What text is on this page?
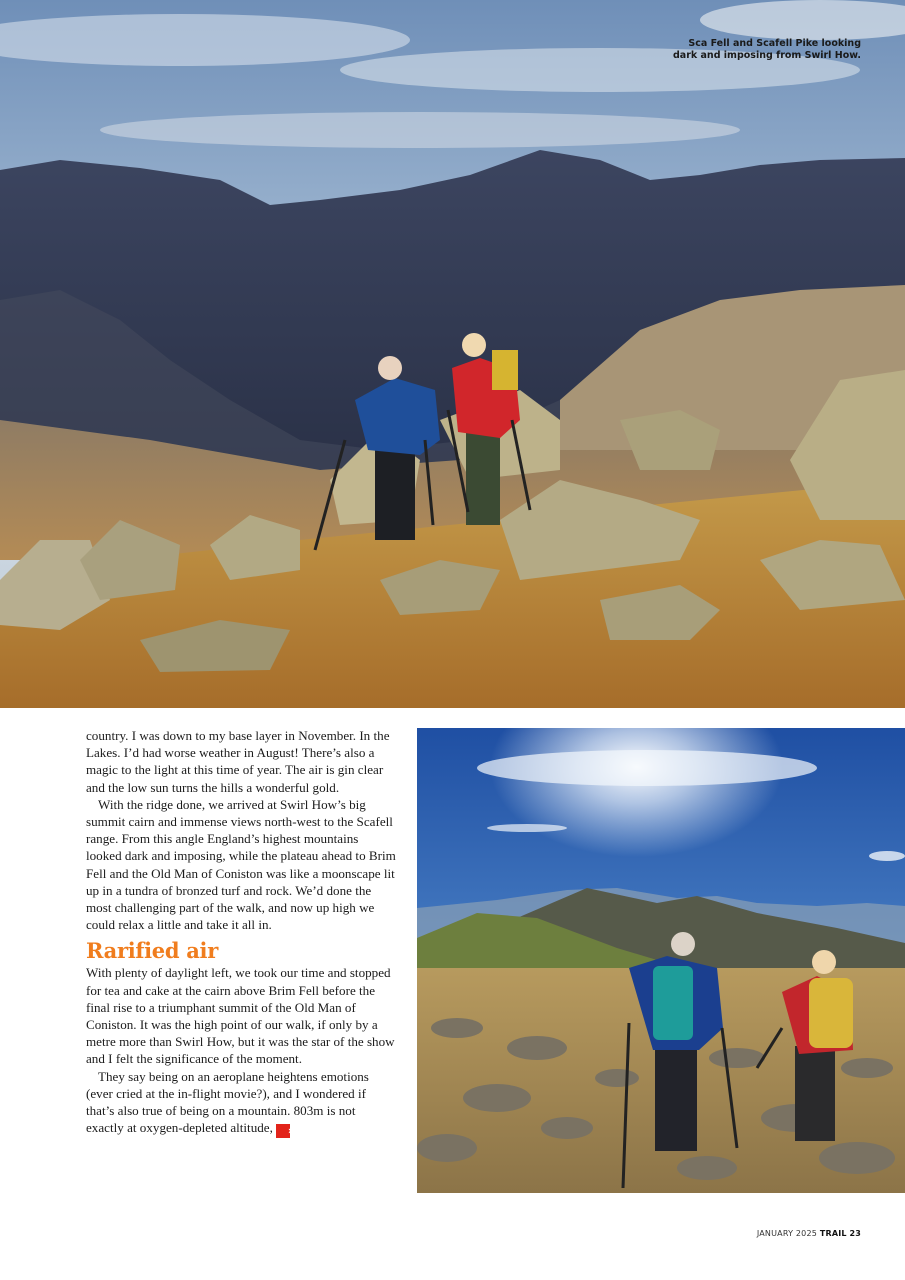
Sca Fell and Scafell Pike looking dark and imposing from Swirl How.

country. I was down to my base layer in November. In the Lakes. I’d had worse weather in August! There’s also a magic to the light at this time of year. The air is gin clear and the low sun turns the hills a wonderful gold.

With the ridge done, we arrived at Swirl How’s big summit cairn and immense views north-west to the Scafell range. From this angle England’s highest mountains looked dark and imposing, while the plateau ahead to Brim Fell and the Old Man of Coniston was like a moonscape lit up in a tundra of bronzed turf and rock. We’d done the most challenging part of the walk, and now up high we could relax a little and take it all in.

Rarified air

With plenty of daylight left, we took our time and stopped for tea and cake at the cairn above Brim Fell before the final rise to a triumphant summit of the Old Man of Coniston. It was the high point of our walk, if only by a metre more than Swirl How, but it was the star of the show and I felt the significance of the moment.

They say being on an aeroplane heightens emotions (ever cried at the in-flight movie?), and I wondered if that’s also true of being on a mountain. 803m is not exactly at oxygen-depleted altitude, ›

JANUARY 2025 TRAIL 23
